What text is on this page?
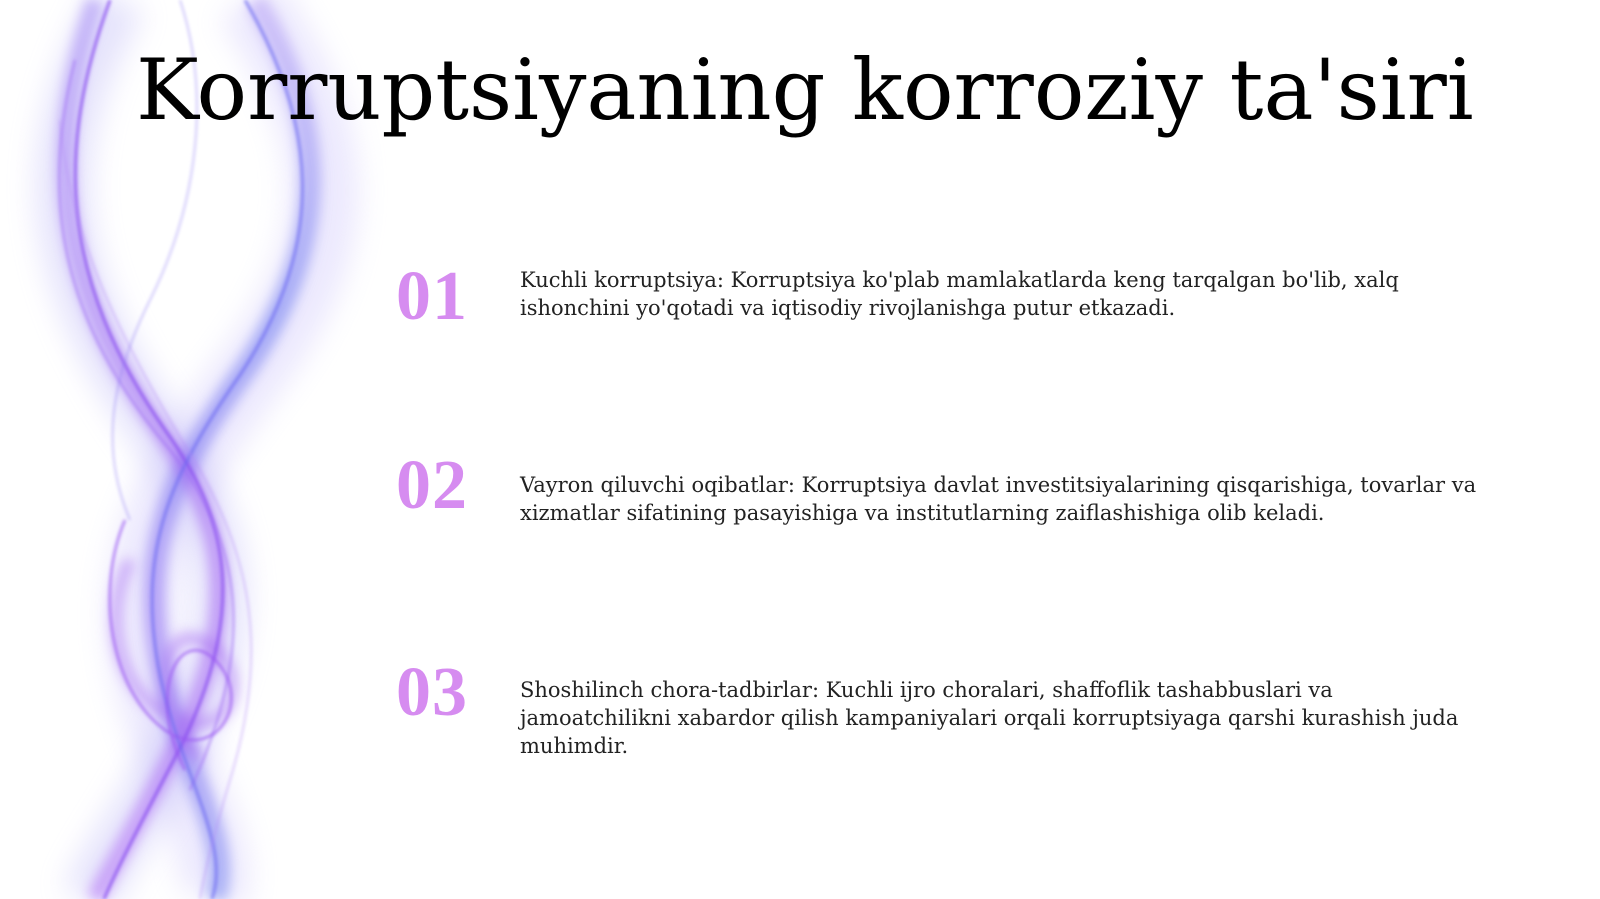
Korruptsiyaning korroziy ta'siri
01 Kuchli korruptsiya: Korruptsiya ko'plab mamlakatlarda keng tarqalgan bo'lib, xalq ishonchini yo'qotadi va iqtisodiy rivojlanishga putur etkazadi.
02 Vayron qiluvchi oqibatlar: Korruptsiya davlat investitsiyalarining qisqarishiga, tovarlar va xizmatlar sifatining pasayishiga va institutlarning zaiflashishiga olib keladi.
03 Shoshilinch chora-tadbirlar: Kuchli ijro choralari, shaffoflik tashabbuslari va jamoatchilikni xabardor qilish kampaniyalari orqali korruptsiyaga qarshi kurashish juda muhimdir.
